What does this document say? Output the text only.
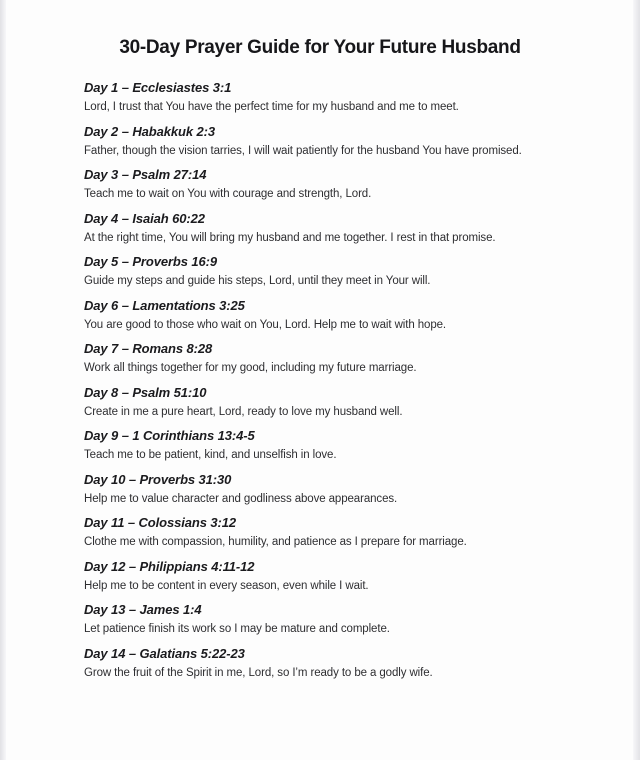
30-Day Prayer Guide for Your Future Husband
Day 1 – Ecclesiastes 3:1

Lord, I trust that You have the perfect time for my husband and me to meet.

Day 2 – Habakkuk 2:3

Father, though the vision tarries, I will wait patiently for the husband You have promised.

Day 3 – Psalm 27:14

Teach me to wait on You with courage and strength, Lord.

Day 4 – Isaiah 60:22

At the right time, You will bring my husband and me together. I rest in that promise.

Day 5 – Proverbs 16:9

Guide my steps and guide his steps, Lord, until they meet in Your will.

Day 6 – Lamentations 3:25

You are good to those who wait on You, Lord. Help me to wait with hope.

Day 7 – Romans 8:28

Work all things together for my good, including my future marriage.

Day 8 – Psalm 51:10

Create in me a pure heart, Lord, ready to love my husband well.

Day 9 – 1 Corinthians 13:4-5

Teach me to be patient, kind, and unselfish in love.

Day 10 – Proverbs 31:30

Help me to value character and godliness above appearances.

Day 11 – Colossians 3:12

Clothe me with compassion, humility, and patience as I prepare for marriage.

Day 12 – Philippians 4:11-12

Help me to be content in every season, even while I wait.

Day 13 – James 1:4

Let patience finish its work so I may be mature and complete.

Day 14 – Galatians 5:22-23

Grow the fruit of the Spirit in me, Lord, so I’m ready to be a godly wife.
